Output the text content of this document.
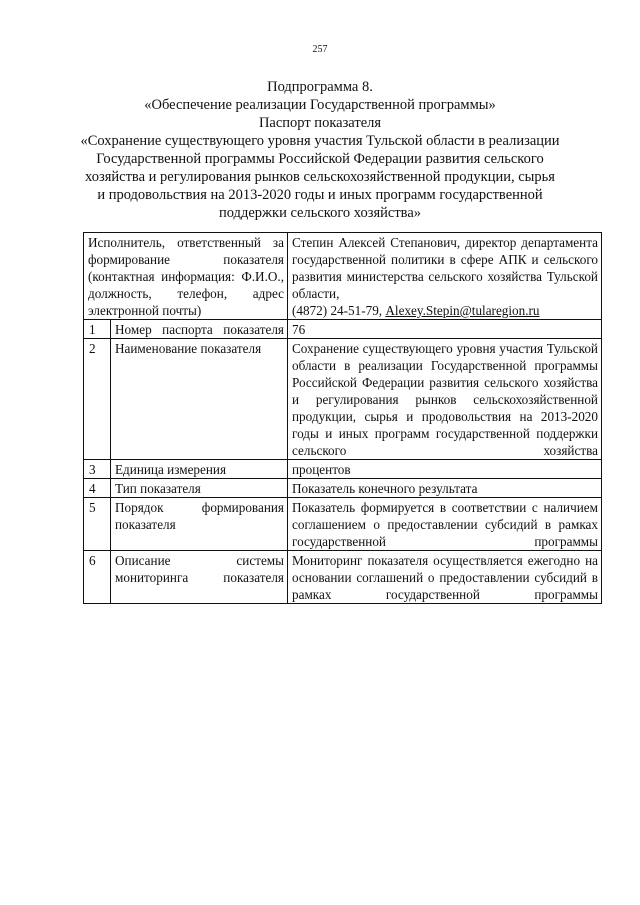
257
Подпрограмма 8.
«Обеспечение реализации Государственной программы»
Паспорт показателя
«Сохранение существующего уровня участия Тульской области в реализации
Государственной программы Российской Федерации развития сельского
хозяйства и регулирования рынков сельскохозяйственной продукции, сырья
и продовольствия на 2013-2020 годы и иных программ государственной
поддержки сельского хозяйства»
Исполнитель, ответственный за формирование показателя (контактная информация: Ф.И.О., должность, телефон, адрес электронной почты)		Степин Алексей Степанович, директор департамента государственной политики в сфере АПК и сельского развития министерства сельского хозяйства Тульской области,
(4872) 24-51-79, Alexey.Stepin@tularegion.ru
1	Номер паспорта показателя	76
2	Наименование показателя	Сохранение существующего уровня участия Тульской области в реализации Государственной программы Российской Федерации развития сельского хозяйства и регулирования рынков сельскохозяйственной продукции, сырья и продовольствия на 2013-2020 годы и иных программ государственной поддержки сельского хозяйства
3	Единица измерения	процентов
4	Тип показателя	Показатель конечного результата
5	Порядок формирования показателя	Показатель формируется в соответствии с наличием соглашением о предоставлении субсидий в рамках государственной программы
6	Описание системы мониторинга показателя	Мониторинг показателя осуществляется ежегодно на основании соглашений о предоставлении субсидий в рамках государственной программы
